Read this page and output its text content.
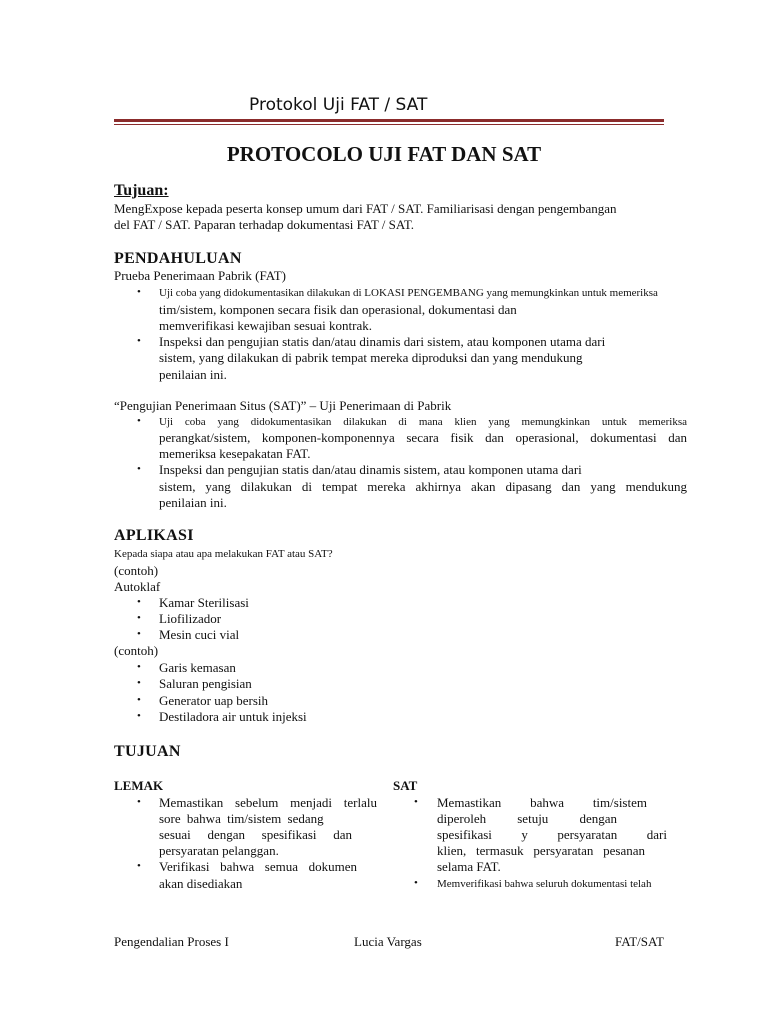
Protokol Uji FAT / SAT
PROTOCOLO UJI FAT DAN SAT
Tujuan:
MengExpose kepada peserta konsep umum dari FAT / SAT. Familiarisasi dengan pengembangan
del FAT / SAT. Paparan terhadap dokumentasi FAT / SAT.
PENDAHULUAN
Prueba Penerimaan Pabrik (FAT)
• Uji coba yang didokumentasikan dilakukan di LOKASI PENGEMBANG yang memungkinkan untuk memeriksa
tim/sistem, komponen secara fisik dan operasional, dokumentasi dan
memverifikasi kewajiban sesuai kontrak.
• Inspeksi dan pengujian statis dan/atau dinamis dari sistem, atau komponen utama dari
sistem, yang dilakukan di pabrik tempat mereka diproduksi dan yang mendukung
penilaian ini.
“Pengujian Penerimaan Situs (SAT)” – Uji Penerimaan di Pabrik
• Uji coba yang didokumentasikan dilakukan di mana klien yang memungkinkan untuk memeriksa
perangkat/sistem, komponen-komponennya secara fisik dan operasional, dokumentasi dan
memeriksa kesepakatan FAT.
• Inspeksi dan pengujian statis dan/atau dinamis sistem, atau komponen utama dari
sistem, yang dilakukan di tempat mereka akhirnya akan dipasang dan yang mendukung
penilaian ini.
APLIKASI
Kepada siapa atau apa melakukan FAT atau SAT?
(contoh)
Autoklaf
• Kamar Sterilisasi
• Liofilizador
• Mesin cuci vial
(contoh)
• Garis kemasan
• Saluran pengisian
• Generator uap bersih
• Destiladora air untuk injeksi
TUJUAN
LEMAK
• Memastikan sebelum menjadi terlalu
sore bahwa tim/sistem sedang
sesuai dengan spesifikasi dan
persyaratan pelanggan.
• Verifikasi bahwa semua dokumen
akan disediakan
SAT
• Memastikan bahwa tim/sistem
diperoleh setuju dengan
spesifikasi y persyaratan dari
klien, termasuk persyaratan pesanan
selama FAT.
• Memverifikasi bahwa seluruh dokumentasi telah
Pengendalian Proses I	Lucia Vargas	FAT/SAT
